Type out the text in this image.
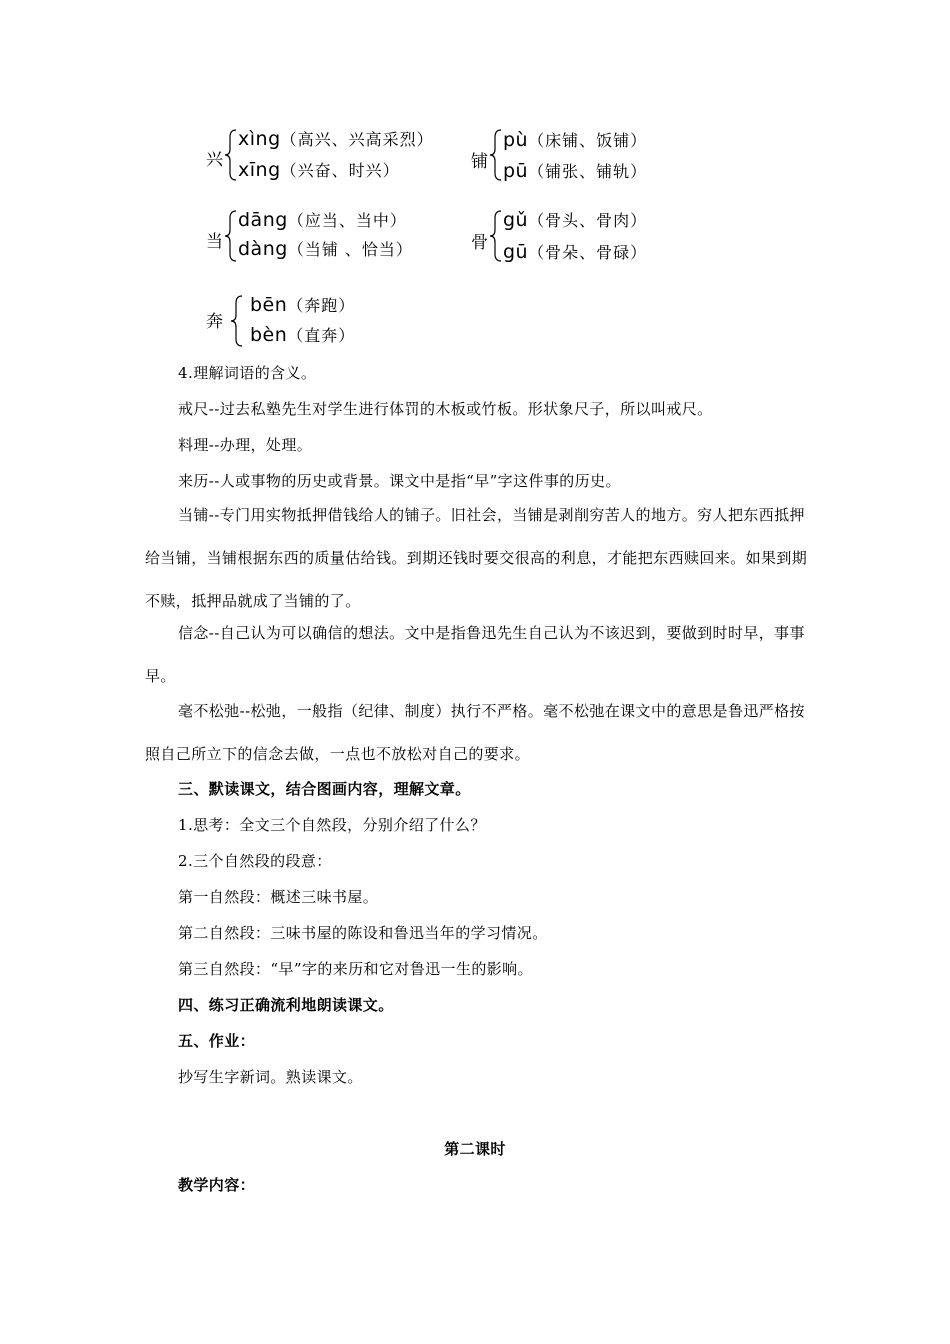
兴
xìng（高兴、兴高采烈）
xīng（兴奋、时兴）	铺
pù（床铺、饭铺）
pū（铺张、铺轨）
当
dāng（应当、当中）
dàng（当铺 、恰当）	骨
gǔ（骨头、骨肉）
gū（骨朵、骨碌）
奔
bēn（奔跑）
bèn（直奔）
4.理解词语的含义。
戒尺--过去私塾先生对学生进行体罚的木板或竹板。形状象尺子，所以叫戒尺。
料理--办理，处理。
来历--人或事物的历史或背景。课文中是指“早”字这件事的历史。
当铺--专门用实物抵押借钱给人的铺子。旧社会，当铺是剥削穷苦人的地方。穷人把东西抵押给当铺，当铺根据东西的质量估给钱。到期还钱时要交很高的利息，才能把东西赎回来。如果到期不赎，抵押品就成了当铺的了。
信念--自己认为可以确信的想法。文中是指鲁迅先生自己认为不该迟到，要做到时时早，事事早。
毫不松弛--松弛，一般指（纪律、制度）执行不严格。毫不松弛在课文中的意思是鲁迅严格按照自己所立下的信念去做，一点也不放松对自己的要求。
三、默读课文，结合图画内容，理解文章。
1.思考：全文三个自然段，分别介绍了什么？
2.三个自然段的段意：
第一自然段：概述三味书屋。
第二自然段：三味书屋的陈设和鲁迅当年的学习情况。
第三自然段：“早”字的来历和它对鲁迅一生的影响。
四、练习正确流利地朗读课文。
五、作业：
抄写生字新词。熟读课文。
第二课时
教学内容：
